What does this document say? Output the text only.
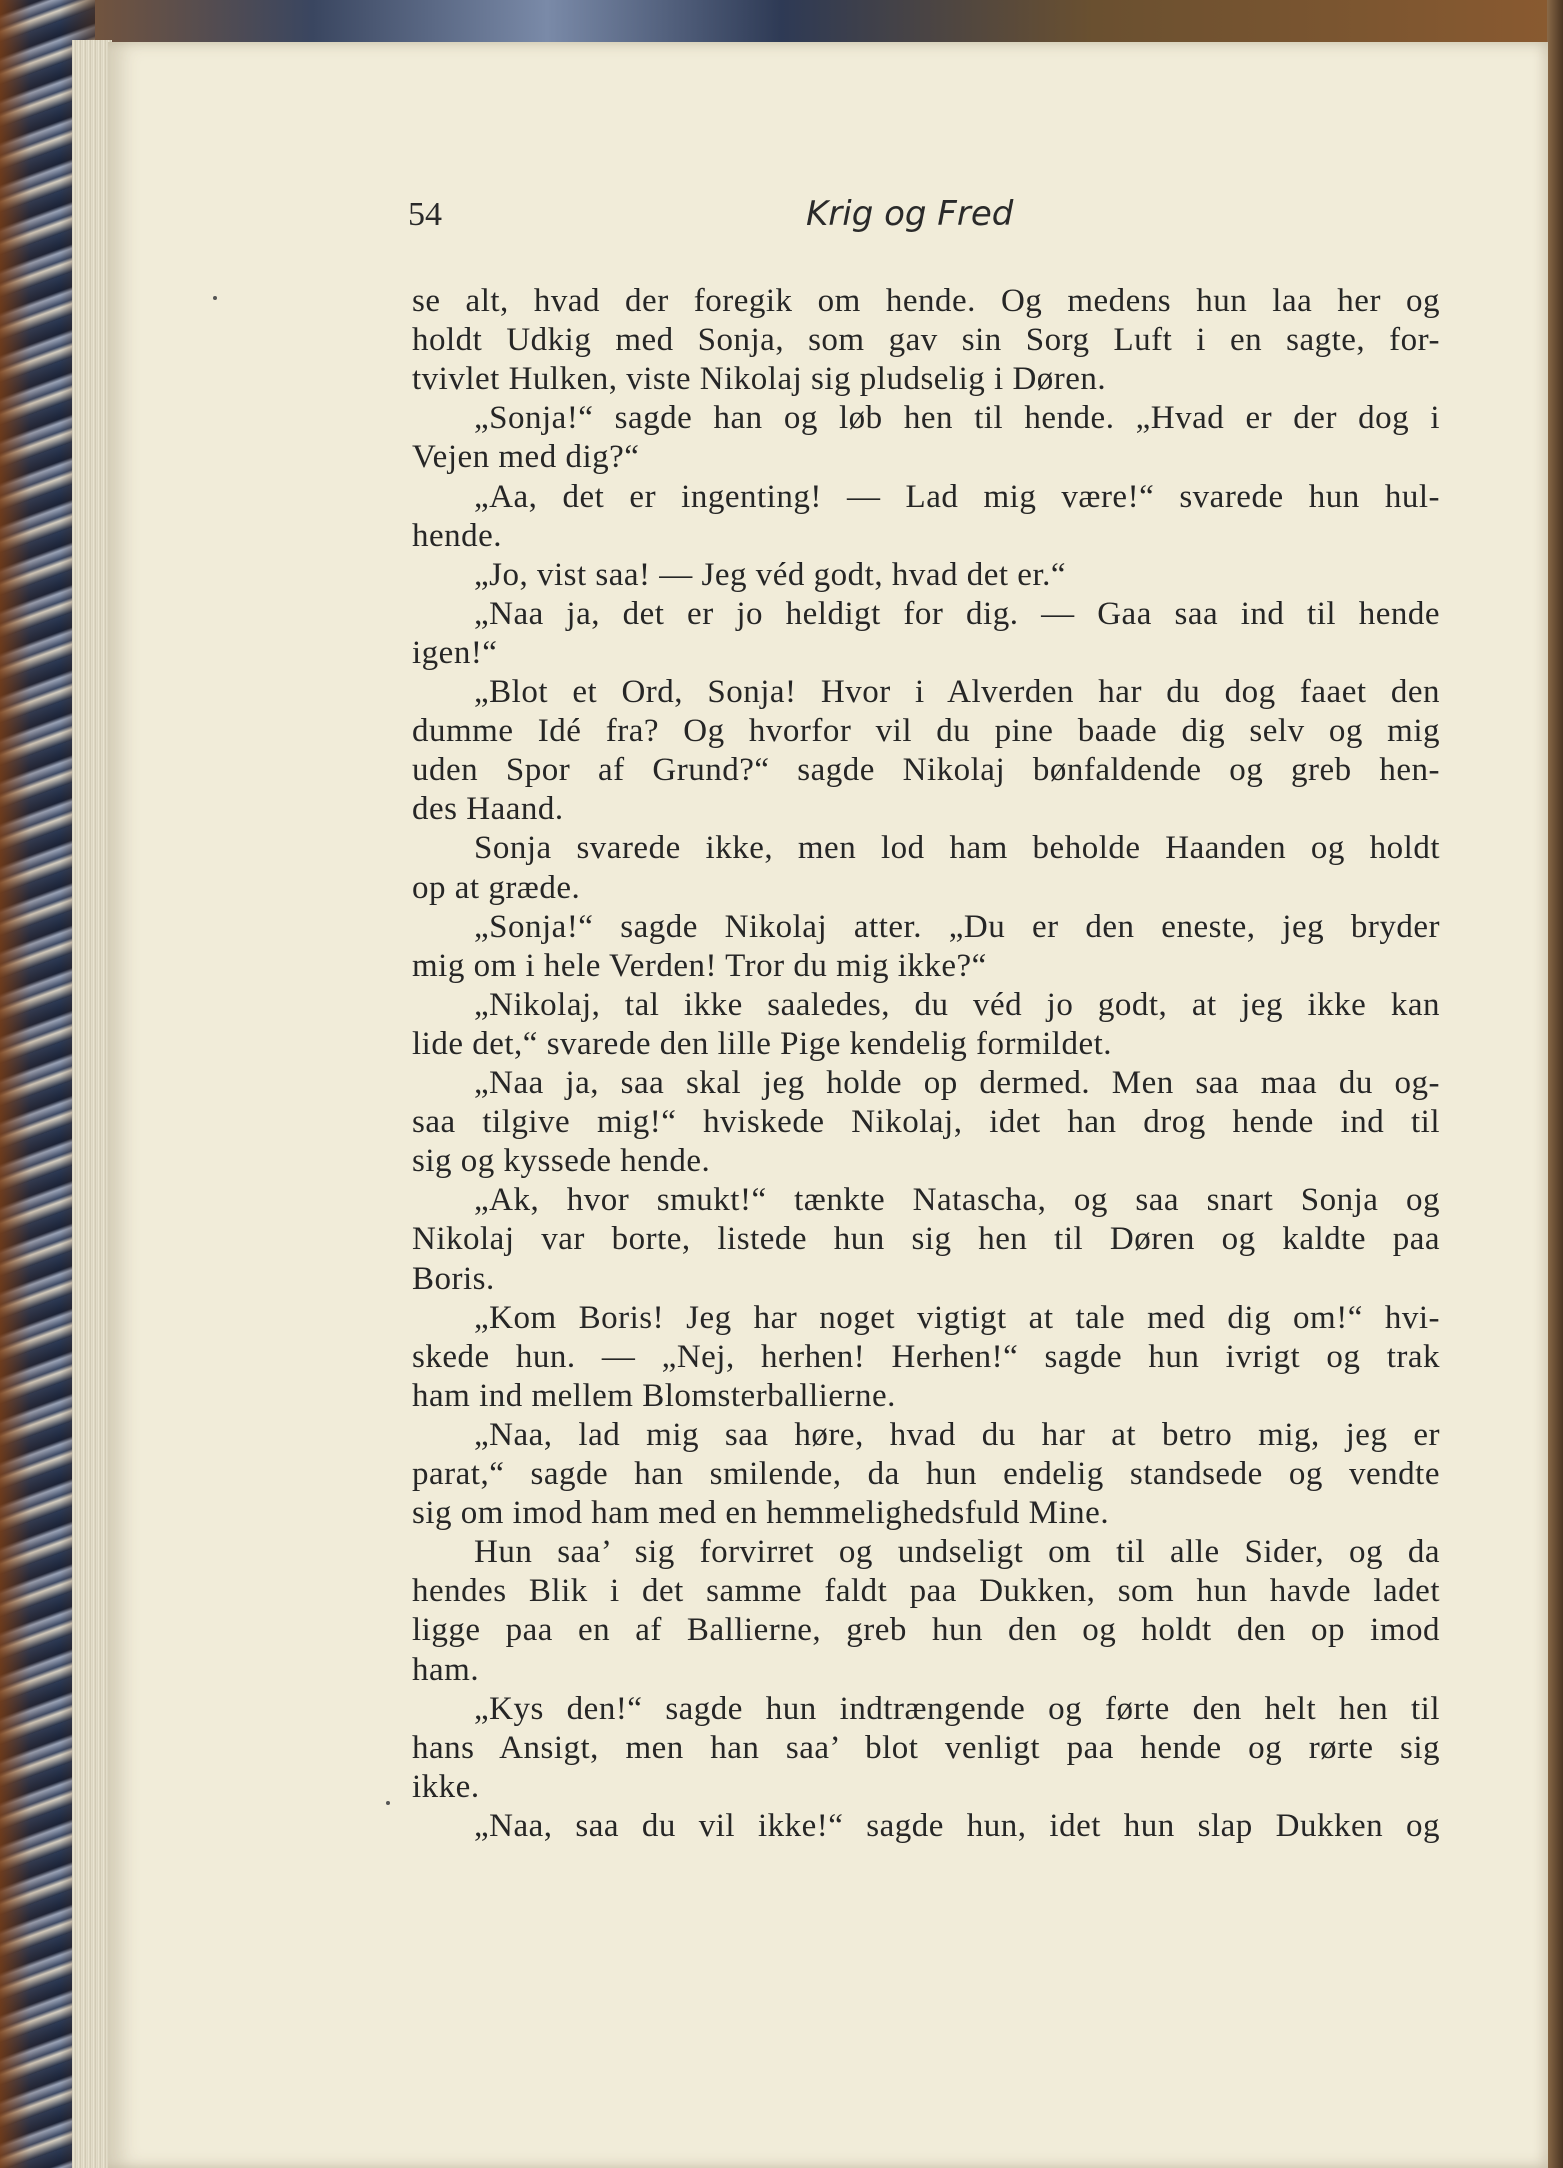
54	Krig og Fred
se alt, hvad der foregik om hende. Og medens hun laa her og
holdt Udkig med Sonja, som gav sin Sorg Luft i en sagte, for-
tvivlet Hulken, viste Nikolaj sig pludselig i Døren.
„Sonja!“ sagde han og løb hen til hende. „Hvad er der dog i
Vejen med dig?“
„Aa, det er ingenting! — Lad mig være!“ svarede hun hul-
hende.
„Jo, vist saa! — Jeg véd godt, hvad det er.“
„Naa ja, det er jo heldigt for dig. — Gaa saa ind til hende
igen!“
„Blot et Ord, Sonja! Hvor i Alverden har du dog faaet den
dumme Idé fra? Og hvorfor vil du pine baade dig selv og mig
uden Spor af Grund?“ sagde Nikolaj bønfaldende og greb hen-
des Haand.
Sonja svarede ikke, men lod ham beholde Haanden og holdt
op at græde.
„Sonja!“ sagde Nikolaj atter. „Du er den eneste, jeg bryder
mig om i hele Verden! Tror du mig ikke?“
„Nikolaj, tal ikke saaledes, du véd jo godt, at jeg ikke kan
lide det,“ svarede den lille Pige kendelig formildet.
„Naa ja, saa skal jeg holde op dermed. Men saa maa du og-
saa tilgive mig!“ hviskede Nikolaj, idet han drog hende ind til
sig og kyssede hende.
„Ak, hvor smukt!“ tænkte Natascha, og saa snart Sonja og
Nikolaj var borte, listede hun sig hen til Døren og kaldte paa
Boris.
„Kom Boris! Jeg har noget vigtigt at tale med dig om!“ hvi-
skede hun. — „Nej, herhen! Herhen!“ sagde hun ivrigt og trak
ham ind mellem Blomsterballierne.
„Naa, lad mig saa høre, hvad du har at betro mig, jeg er
parat,“ sagde han smilende, da hun endelig standsede og vendte
sig om imod ham med en hemmelighedsfuld Mine.
Hun saa’ sig forvirret og undseligt om til alle Sider, og da
hendes Blik i det samme faldt paa Dukken, som hun havde ladet
ligge paa en af Ballierne, greb hun den og holdt den op imod
ham.
„Kys den!“ sagde hun indtrængende og førte den helt hen til
hans Ansigt, men han saa’ blot venligt paa hende og rørte sig
ikke.
„Naa, saa du vil ikke!“ sagde hun, idet hun slap Dukken og
